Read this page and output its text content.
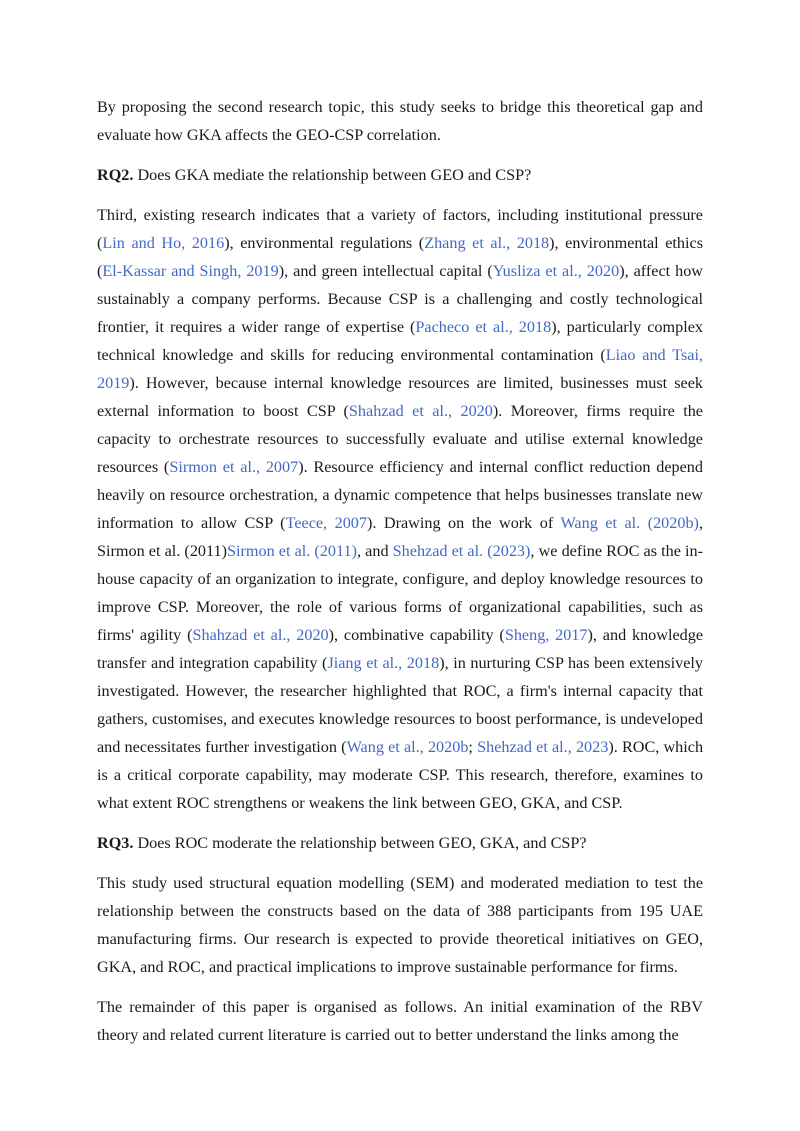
By proposing the second research topic, this study seeks to bridge this theoretical gap and evaluate how GKA affects the GEO-CSP correlation.

RQ2. Does GKA mediate the relationship between GEO and CSP?

Third, existing research indicates that a variety of factors, including institutional pressure (Lin and Ho, 2016), environmental regulations (Zhang et al., 2018), environmental ethics (El-Kassar and Singh, 2019), and green intellectual capital (Yusliza et al., 2020), affect how sustainably a company performs. Because CSP is a challenging and costly technological frontier, it requires a wider range of expertise (Pacheco et al., 2018), particularly complex technical knowledge and skills for reducing environmental contamination (Liao and Tsai, 2019). However, because internal knowledge resources are limited, businesses must seek external information to boost CSP (Shahzad et al., 2020). Moreover, firms require the capacity to orchestrate resources to successfully evaluate and utilise external knowledge resources (Sirmon et al., 2007). Resource efficiency and internal conflict reduction depend heavily on resource orchestration, a dynamic competence that helps businesses translate new information to allow CSP (Teece, 2007). Drawing on the work of Wang et al. (2020b), Sirmon et al. (2011)Sirmon et al. (2011), and Shehzad et al. (2023), we define ROC as the in-house capacity of an organization to integrate, configure, and deploy knowledge resources to improve CSP. Moreover, the role of various forms of organizational capabilities, such as firms' agility (Shahzad et al., 2020), combinative capability (Sheng, 2017), and knowledge transfer and integration capability (Jiang et al., 2018), in nurturing CSP has been extensively investigated. However, the researcher highlighted that ROC, a firm's internal capacity that gathers, customises, and executes knowledge resources to boost performance, is undeveloped and necessitates further investigation (Wang et al., 2020b; Shehzad et al., 2023). ROC, which is a critical corporate capability, may moderate CSP. This research, therefore, examines to what extent ROC strengthens or weakens the link between GEO, GKA, and CSP.

RQ3. Does ROC moderate the relationship between GEO, GKA, and CSP?

This study used structural equation modelling (SEM) and moderated mediation to test the relationship between the constructs based on the data of 388 participants from 195 UAE manufacturing firms. Our research is expected to provide theoretical initiatives on GEO, GKA, and ROC, and practical implications to improve sustainable performance for firms.

The remainder of this paper is organised as follows. An initial examination of the RBV theory and related current literature is carried out to better understand the links among the
